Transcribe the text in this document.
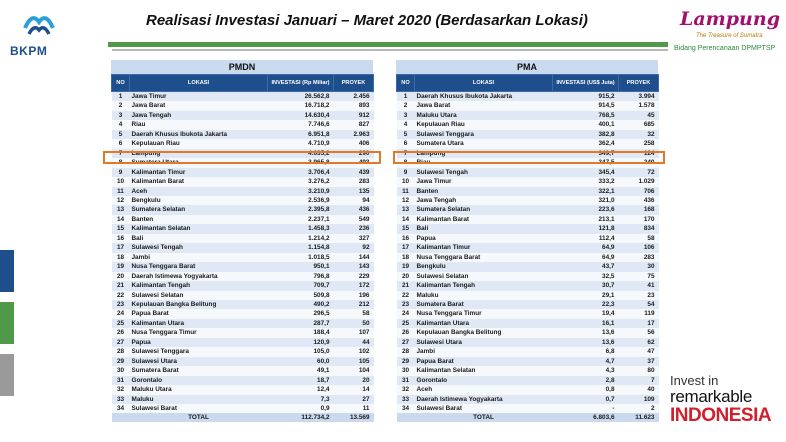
BKPM
Realisasi Investasi Januari – Maret 2020 (Berdasarkan Lokasi)	Lampung
The Treasure of Sumatra
Bidang Perencanaan DPMPTSP
PMDN
NO	LOKASI	INVESTASI (Rp Miliar)	PROYEK
1	Jawa Timur	26.562,8	2.456
2	Jawa Barat	16.718,2	893
3	Jawa Tengah	14.630,4	912
4	Riau	7.746,6	827
5	Daerah Khusus Ibukota Jakarta	6.951,8	2.963
6	Kepulauan Riau	4.710,9	406
7	Lampung	4.635,2	290
8	Sumatera Utara	3.965,8	493
9	Kalimantan Timur	3.706,4	439
10	Kalimantan Barat	3.276,2	283
11	Aceh	3.210,9	135
12	Bengkulu	2.536,9	94
13	Sumatera Selatan	2.395,8	436
14	Banten	2.237,1	549
15	Kalimantan Selatan	1.458,3	236
16	Bali	1.214,2	327
17	Sulawesi Tengah	1.154,8	92
18	Jambi	1.018,5	144
19	Nusa Tenggara Barat	950,1	143
20	Daerah Istimewa Yogyakarta	796,8	229
21	Kalimantan Tengah	709,7	172
22	Sulawesi Selatan	509,8	196
23	Kepulauan Bangka Belitung	490,2	212
24	Papua Barat	296,5	58
25	Kalimantan Utara	287,7	50
26	Nusa Tenggara Timur	188,4	107
27	Papua	120,9	44
28	Sulawesi Tenggara	105,0	102
29	Sulawesi Utara	60,0	105
30	Sumatera Barat	49,1	104
31	Gorontalo	18,7	20
32	Maluku Utara	12,4	14
33	Maluku	7,3	27
34	Sulawesi Barat	0,9	11
	TOTAL	112.734,2	13.569
PMA
NO	LOKASI	INVESTASI (US$ Juta)	PROYEK
1	Daerah Khusus Ibukota Jakarta	915,2	3.994
2	Jawa Barat	914,5	1.578
3	Maluku Utara	768,5	45
4	Kepulauan Riau	400,1	685
5	Sulawesi Tenggara	382,8	32
6	Sumatera Utara	362,4	258
7	Lampung	349,7	124
8	Riau	347,5	240
9	Sulawesi Tengah	345,4	72
10	Jawa Timur	333,2	1.029
11	Banten	322,1	706
12	Jawa Tengah	321,0	436
13	Sumatera Selatan	223,6	168
14	Kalimantan Barat	213,1	170
15	Bali	121,8	834
16	Papua	112,4	58
17	Kalimantan Timur	64,9	106
18	Nusa Tenggara Barat	64,9	283
19	Bengkulu	43,7	30
20	Sulawesi Selatan	32,5	75
21	Kalimantan Tengah	30,7	41
22	Maluku	29,1	23
23	Sumatera Barat	22,3	54
24	Nusa Tenggara Timur	19,4	119
25	Kalimantan Utara	16,1	17
26	Kepulauan Bangka Belitung	13,6	56
27	Sulawesi Utara	13,6	62
28	Jambi	6,8	47
29	Papua Barat	4,7	37
30	Kalimantan Selatan	4,3	80
31	Gorontalo	2,8	7
32	Aceh	0,8	40
33	Daerah Istimewa Yogyakarta	0,7	109
34	Sulawesi Barat	-	2
	TOTAL	6.803,6	11.623
Invest in
remarkable
INDONESIA
